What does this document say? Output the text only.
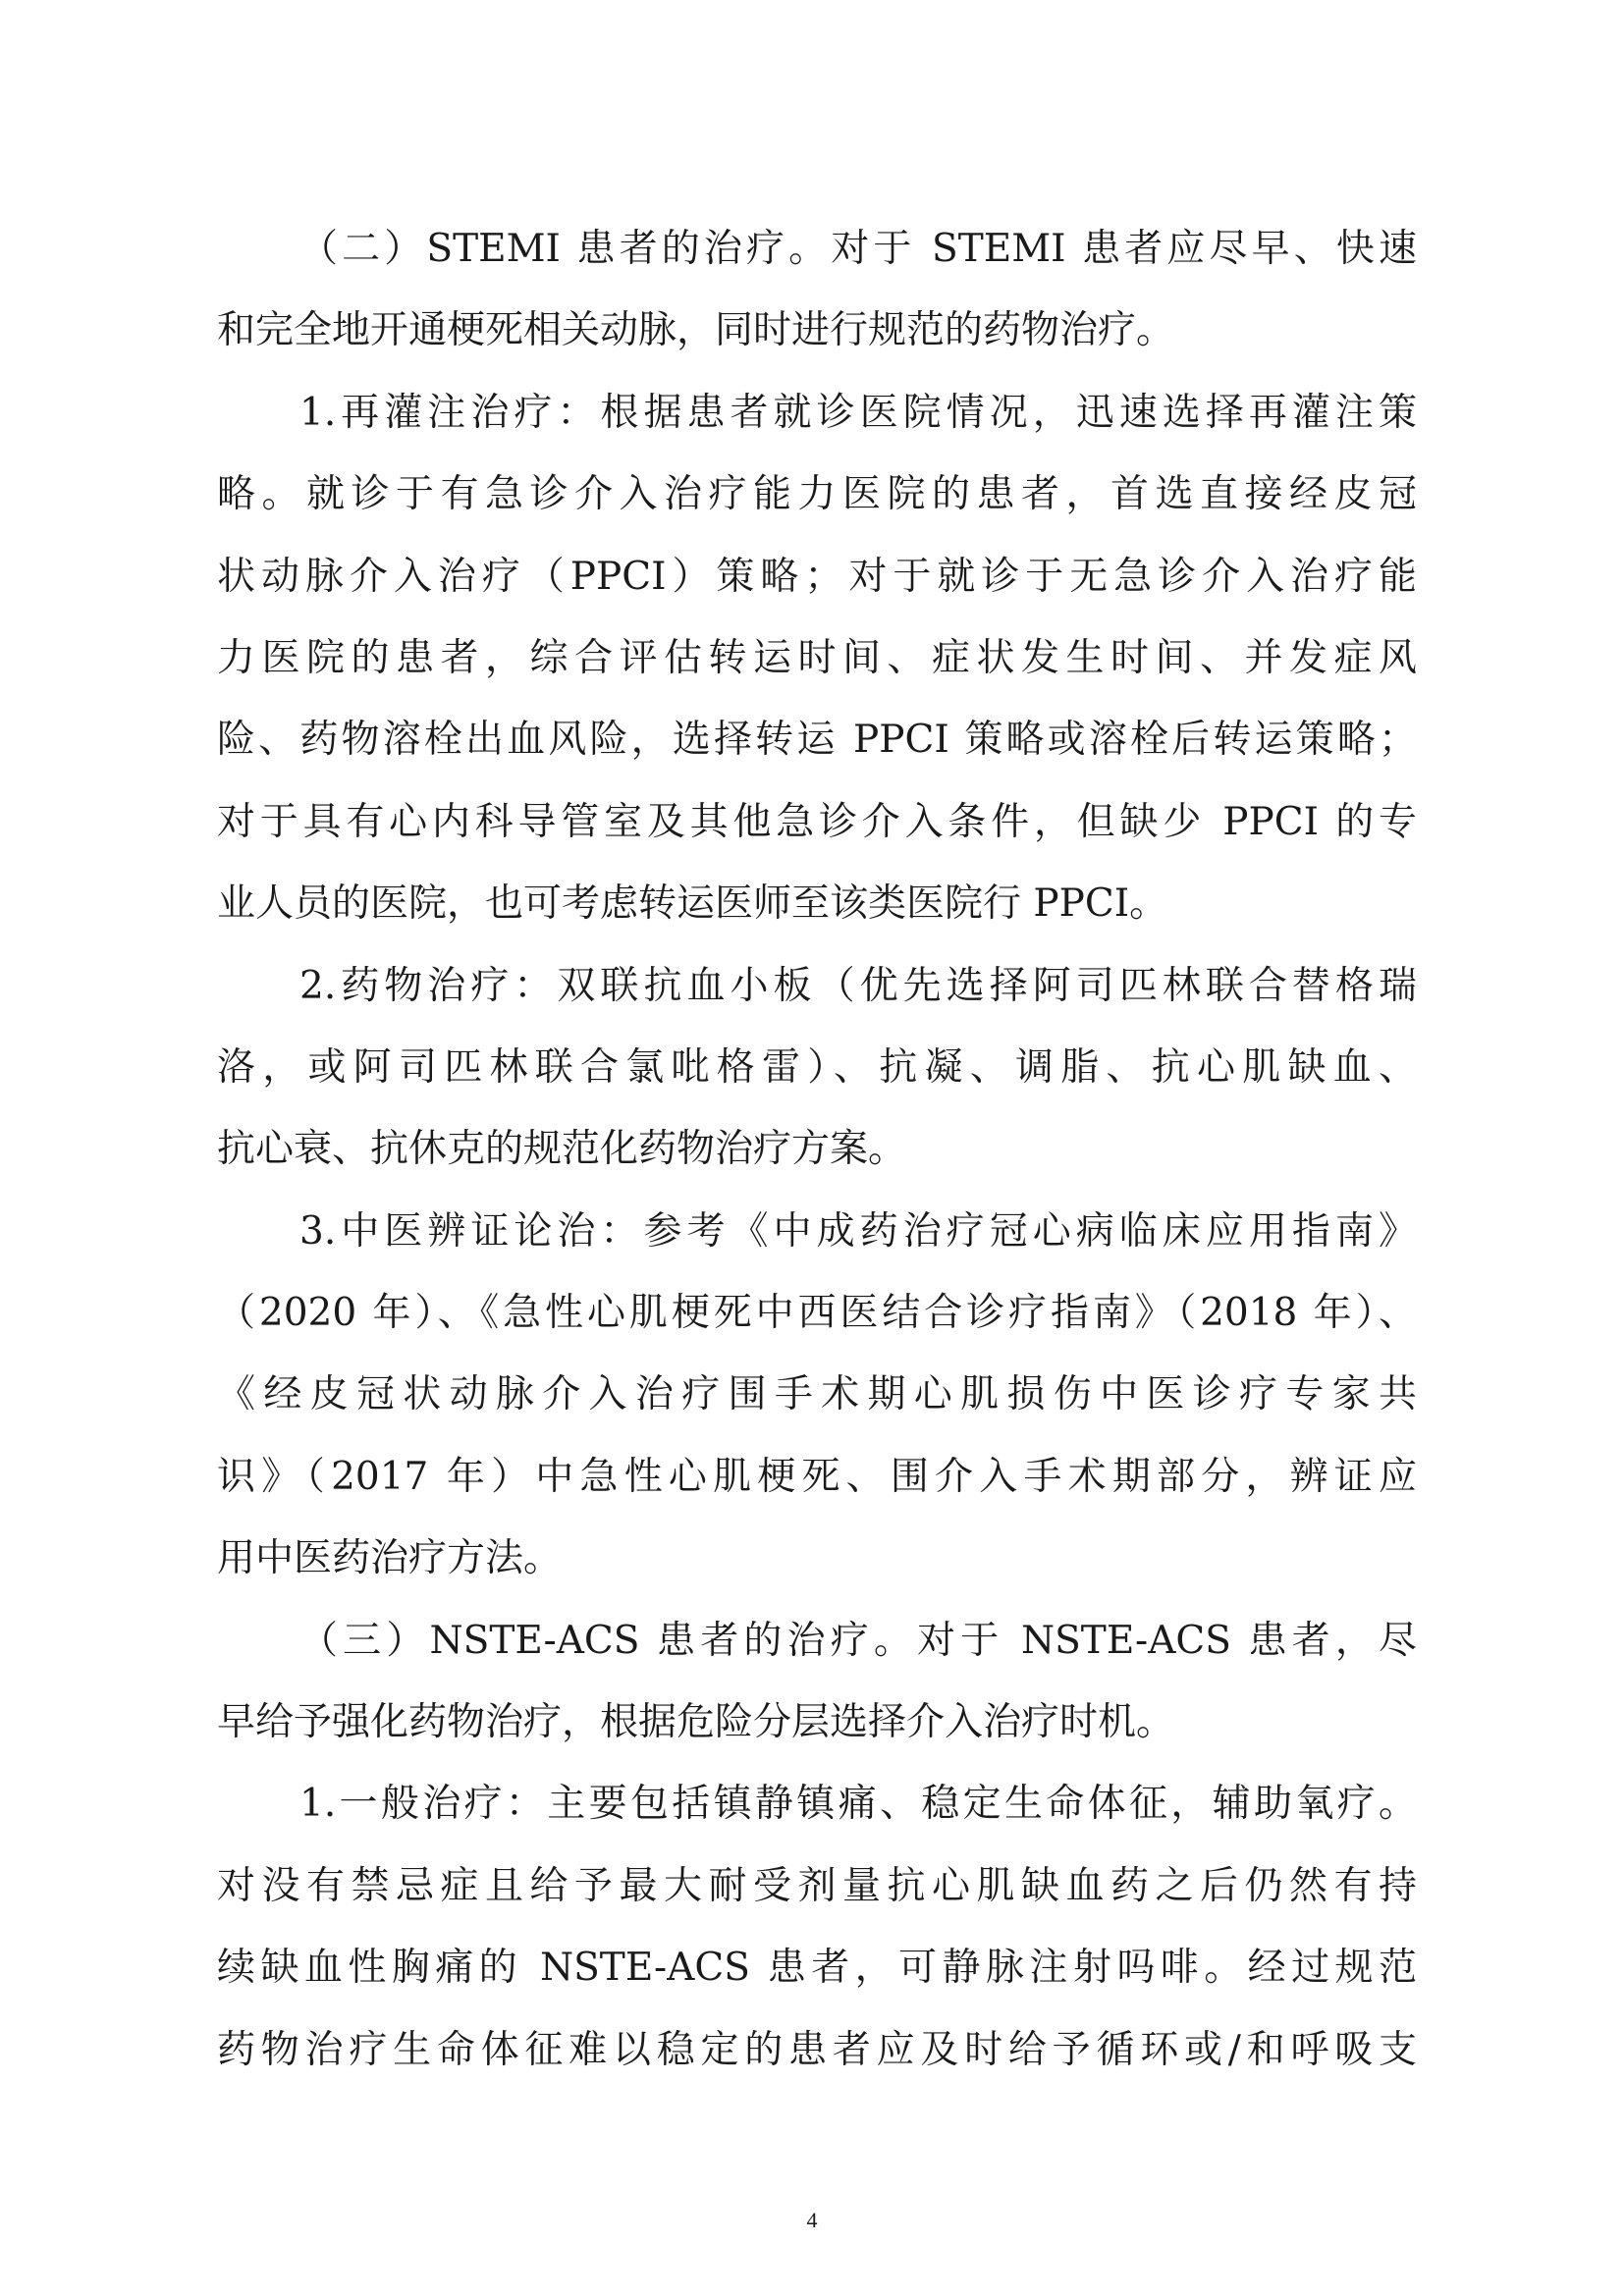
（二）STEMI 患者的治疗。对于 STEMI 患者应尽早、快速
和完全地开通梗死相关动脉，同时进行规范的药物治疗。
1.再灌注治疗：根据患者就诊医院情况，迅速选择再灌注策
略。就诊于有急诊介入治疗能力医院的患者，首选直接经皮冠
状动脉介入治疗（PPCI）策略；对于就诊于无急诊介入治疗能
力医院的患者，综合评估转运时间、症状发生时间、并发症风
险、药物溶栓出血风险，选择转运 PPCI 策略或溶栓后转运策略；
对于具有心内科导管室及其他急诊介入条件，但缺少 PPCI 的专
业人员的医院，也可考虑转运医师至该类医院行 PPCI。
2.药物治疗：双联抗血小板（优先选择阿司匹林联合替格瑞
洛，或阿司匹林联合氯吡格雷）、抗凝、调脂、抗心肌缺血、
抗心衰、抗休克的规范化药物治疗方案。
3.中医辨证论治：参考《中成药治疗冠心病临床应用指南》
（2020 年）、《急性心肌梗死中西医结合诊疗指南》（2018 年）、
《经皮冠状动脉介入治疗围手术期心肌损伤中医诊疗专家共
识》（2017 年）中急性心肌梗死、围介入手术期部分，辨证应
用中医药治疗方法。
（三）NSTE-ACS 患者的治疗。对于 NSTE-ACS 患者，尽
早给予强化药物治疗，根据危险分层选择介入治疗时机。
1.一般治疗：主要包括镇静镇痛、稳定生命体征，辅助氧疗。
对没有禁忌症且给予最大耐受剂量抗心肌缺血药之后仍然有持
续缺血性胸痛的 NSTE-ACS 患者，可静脉注射吗啡。经过规范
药物治疗生命体征难以稳定的患者应及时给予循环或/和呼吸支
4
